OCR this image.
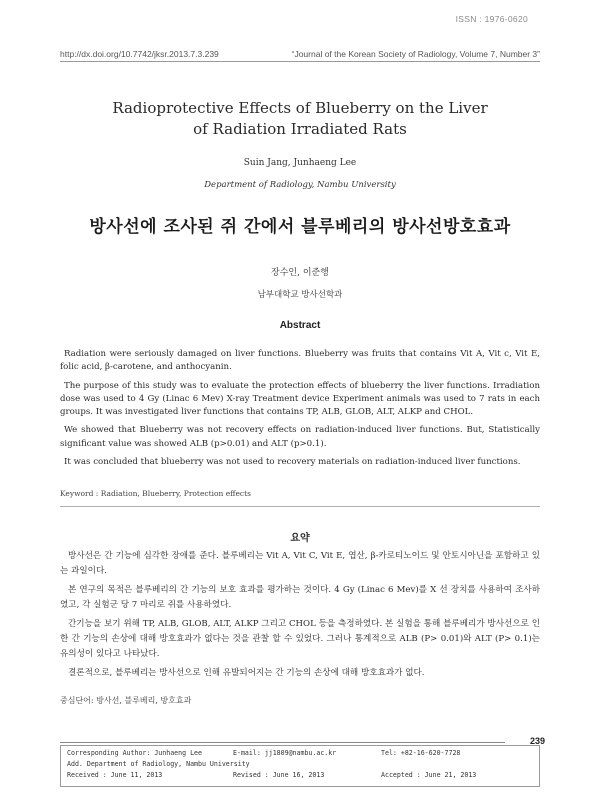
ISSN : 1976-0620
http://dx.doi.org/10.7742/jksr.2013.7.3.239	“Journal of the Korean Society of Radiology, Volume 7, Number 3”
Radioprotective Effects of Blueberry on the Liver
of Radiation Irradiated Rats
Suin Jang, Junhaeng Lee
Department of Radiology, Nambu University
방사선에 조사된 쥐 간에서 블루베리의 방사선방호효과
장수인, 이준행
남부대학교 방사선학과
Abstract

Radiation were seriously damaged on liver functions. Blueberry was fruits that contains Vit A, Vit c, Vit E, folic acid, β-carotene, and anthocyanin.

The purpose of this study was to evaluate the protection effects of blueberry the liver functions. Irradiation dose was used to 4 Gy (Linac 6 Mev) X-ray Treatment device Experiment animals was used to 7 rats in each groups. It was investigated liver functions that contains TP, ALB, GLOB, ALT, ALKP and CHOL.

We showed that Blueberry was not recovery effects on radiation-induced liver functions. But, Statistically significant value was showed ALB (p>0.01) and ALT (p>0.1).

It was concluded that blueberry was not used to recovery materials on radiation-induced liver functions.

Keyword : Radiation, Blueberry, Protection effects
요약

방사선은 간 기능에 심각한 장애를 준다. 블루베리는 Vit A, Vit C, Vit E, 엽산, β-카로티노이드 및 안토시아닌을 포함하고 있는 과일이다.

본 연구의 목적은 블루베리의 간 기능의 보호 효과를 평가하는 것이다. 4 Gy (Linac 6 Mev)를 X 선 장치를 사용하여 조사하였고, 각 실험군 당 7 마리로 쥐를 사용하였다.

간기능을 보기 위해 TP, ALB, GLOB, ALT, ALKP 그리고 CHOL 등을 측정하였다. 본 실험을 통해 블루베리가 방사선으로 인한 간 기능의 손상에 대해 방호효과가 없다는 것을 관찰 할 수 있었다. 그러나 통계적으로 ALB (P> 0.01)와 ALT (P> 0.1)는 유의성이 있다고 나타났다.

결론적으로, 블루베리는 방사선으로 인해 유발되어지는 간 기능의 손상에 대해 방호효과가 없다.

중심단어: 방사선, 블루베리, 방호효과
239
Corresponding Author: Junhaeng Lee	E-mail: jj1809@nambu.ac.kr	Tel: +82-16-620-7728
Add. Department of Radiology, Nambu University
Received : June 11, 2013	Revised : June 16, 2013	Accepted : June 21, 2013
